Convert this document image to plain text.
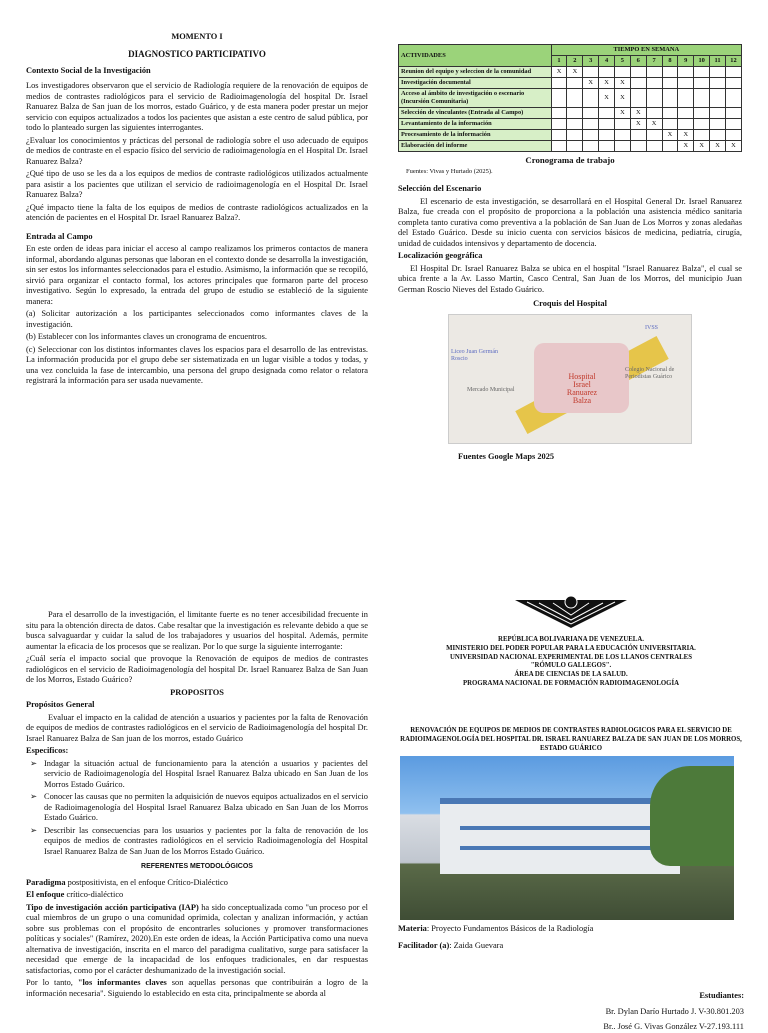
MOMENTO I

DIAGNOSTICO PARTICIPATIVO

Contexto Social de la Investigación

Los investigadores observaron que el servicio de Radiología requiere de la renovación de equipos de medios de contrastes radiológicos para el servicio de Radioimagenología del hospital Dr. Israel Ranuarez Balza de San juan de los morros, estado Guárico, y de esta manera poder prestar un mejor servicio con equipos actualizados a todos los pacientes que asistan a este centro de salud pública, por todo lo planteado surgen las siguientes interrogantes.

¿Evaluar los conocimientos y prácticas del personal de radiología sobre el uso adecuado de equipos de medios de contraste en el espacio físico del servicio de radioimagenología en el Hospital Dr. Israel Ranuarez Balza?

¿Qué tipo de uso se les da a los equipos de medios de contraste radiológicos utilizados actualmente para asistir a los pacientes que utilizan el servicio de radioimagenología en el Hospital Dr. Israel Ranuarez Balza?

¿Qué impacto tiene la falta de los equipos de medios de contraste radiológicos actualizados en la atención de pacientes en el Hospital Dr. Israel Ranuarez Balza?.

Entrada al Campo

En este orden de ideas para iniciar el acceso al campo realizamos los primeros contactos de manera informal, abordando algunas personas que laboran en el contexto donde se desarrolla la investigación, sin ser estos los informantes seleccionados para el estudio. Asimismo, la información que se recopiló, sirvió para organizar el contacto formal, los actores principales que formaron parte del proceso investigativo. Según lo expresado, la entrada del grupo de estudio se estableció de la siguiente manera:

(a) Solicitar autorización a los participantes seleccionados como informantes claves de la investigación.

(b) Establecer con los informantes claves un cronograma de encuentros.

(c) Seleccionar con los distintos informantes claves los espacios para el desarrollo de las entrevistas. La información producida por el grupo debe ser sistematizada en un lugar visible a todos y todas, y una vez concluida la fase de intercambio, una persona del grupo designada como relator o relatora registrará la información para ser usada nuevamente.

ACTIVIDADES	TIEMPO EN SEMANA											
	1	2	3	4	5	6	7	8	9	10	11	12
Reunion del equipo y seleccion de la comunidad	X	X										
Investigación documental			X	X	X							
Acceso al ámbito de investigación o escenario (Incursión Comunitaria)				X	X							
Selección de vinculantes (Entrada al Campo)					X	X						
Levantamiento de la información						X	X					
Procesamiento de la información								X	X			
Elaboración del informe									X	X	X	X

Cronograma de trabajo

Fuentes: Vivas y Hurtado (2025).

Selección del Escenario

El escenario de esta investigación, se desarrollará en el Hospital General Dr. Israel Ranuarez Balza, fue creada con el propósito de proporciona a la población una asistencia médico sanitaria completa tanto curativa como preventiva a la población de San Juan de Los Morros y zonas aledañas del Estado Guárico. Desde su inicio cuenta con servicios básicos de medicina, pediatría, cirugía, unidad de cuidados intensivos y departamento de docencia.

Localización geográfica

El Hospital Dr. Israel Ranuarez Balza se ubica en el hospital "Israel Ranuarez Balza", el cual se ubica frente a la Av. Lasso Martin, Casco Central, San Juan de los Morros, del municipio Juan German Roscio Nieves del Estado Guárico.

Croquis del Hospital

Hospital Israel Ranuarez Balza
IVSS
Liceo Juan Germán Roscio
Mercado Municipal
Colegio Nacional de Periodistas Guárico

Fuentes Google Maps 2025

Para el desarrollo de la investigación, el limitante fuerte es no tener accesibilidad frecuente in situ para la obtención directa de datos. Cabe resaltar que la investigación es relevante debido a que se busca salvaguardar y cuidar la salud de los trabajadores y usuarios del hospital. Además, permite aumentar la eficacia de los procesos que se realizan. Por lo que surge la siguiente interrogante:

¿Cuál sería el impacto social que provoque la Renovación de equipos de medios de contrastes radiológicos en el servicio de Radioimagenología del hospital Dr. Israel Ranuarez Balza de San Juan de los Morros, Estado Guárico?

PROPOSITOS

Propósitos General

Evaluar el impacto en la calidad de atención a usuarios y pacientes por la falta de Renovación de equipos de medios de contrastes radiológicos en el servicio de Radioimagenología del hospital Dr. Israel Ranuarez Balza de San juan de los morros, estado Guárico

Especificos:

➢ Indagar la situación actual de funcionamiento para la atención a usuarios y pacientes del servicio de Radioimagenología del Hospital Israel Ranuarez Balza ubicado en San Juan de los Morros Estado Guárico.
➢ Conocer las causas que no permiten la adquisición de nuevos equipos actualizados en el servicio de Radioimagenología del Hospital Israel Ranuarez Balza ubicado en San Juan de los Morros Estado Guárico.
➢ Describir las consecuencias para los usuarios y pacientes por la falta de renovación de los equipos de medios de contrastes radiológicos en el servicio Radioimagenología del Hospital Israel Ranuarez Balza de San Juan de los Morros Estado Guárico.

REFERENTES METODOLÓGICOS

Paradigma postpositivista, en el enfoque Crítico-Dialéctico

El enfoque crítico-dialéctico

Tipo de investigación acción participativa (IAP) ha sido conceptualizada como "un proceso por el cual miembros de un grupo o una comunidad oprimida, colectan y analizan información, y actúan sobre sus problemas con el propósito de encontrarles soluciones y promover transformaciones políticas y sociales" (Ramírez, 2020).En este orden de ideas, la Acción Participativa como una nueva alternativa de investigación, inscrita en el marco del paradigma cualitativo, surge para satisfacer la necesidad que emerge de la incapacidad de los enfoques tradicionales, en dar respuestas satisfactorias, como por el carácter deshumanizado de la investigación social.

Por lo tanto, "los informantes claves son aquellas personas que contribuirán a logro de la información necesaria". Siguiendo lo establecido en esta cita, principalmente se aborda al

REPÚBLICA BOLIVARIANA DE VENEZUELA.
MINISTERIO DEL PODER POPULAR PARA LA EDUCACIÓN UNIVERSITARIA.
UNIVERSIDAD NACIONAL EXPERIMENTAL DE LOS LLANOS CENTRALES
"RÓMULO GALLEGOS".
ÁREA DE CIENCIAS DE LA SALUD.
PROGRAMA NACIONAL DE FORMACIÓN RADIOIMAGENOLOGÍA
RENOVACIÓN DE EQUIPOS DE MEDIOS DE CONTRASTES RADIOLOGICOS PARA EL SERVICIO DE RADIOIMAGENOLOGÍA DEL HOSPITAL DR. ISRAEL RANUAREZ BALZA DE SAN JUAN DE LOS MORROS, ESTADO GUÁRICO

Materia: Proyecto Fundamentos Básicos de la Radiología

Facilitador (a): Zaida Guevara

Estudiantes:
Br. Dylan Darío Hurtado J. V-30.801.203
Br.. José G. Vivas González V-27.193.111
